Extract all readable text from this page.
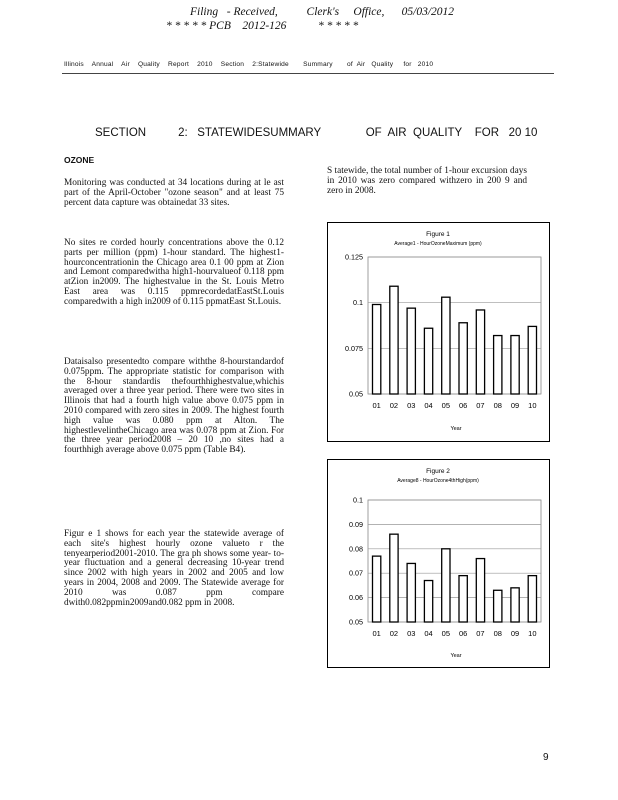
Filing   - Received,          Clerk's     Office,      05/03/2012
* * * * * PCB    2012-126           * * * * *
Illinois    Annual    Air    Quality    Report    2010    Section    2:Statewide       Summary       of  Air   Quality     for   2010
SECTION          2:   STATEWIDESUMMARY              OF  AIR  QUALITY    FOR   20 10
OZONE

Monitoring was conducted at 34 locations during at le ast part of the April-October "ozone season" and at least 75 percent data capture was obtainedat 33 sites.

No sites re corded hourly concentrations above the 0.12 parts per million (ppm) 1-hour standard. The highest1-hourconcentrationin the Chicago area 0.1 00 ppm at Zion and Lemont comparedwitha high1-hourvalueof 0.118 ppm atZion in2009. The highestvalue in the St. Louis Metro East area was 0.115 ppmrecordedatEastSt.Louis comparedwith a high in2009 of 0.115 ppmatEast St.Louis.

Dataisalso presentedto compare withthe 8-hourstandardof 0.075ppm. The appropriate statistic for comparison with the 8-hour standardis thefourthhighestvalue,whichis averaged over a three year period. There were two sites in Illinois that had a fourth high value above 0.075 ppm in 2010 compared with zero sites in 2009. The highest fourth high value was 0.080 ppm at Alton. The highestlevelintheChicago area was 0.078 ppm at Zion. For the three year period2008 – 20 10 ,no sites had a fourthhigh average above 0.075 ppm (Table B4).

Figur e 1 shows for each year the statewide average of each site's highest hourly ozone valueto r the tenyearperiod2001-2010. The gra ph shows some year- to-year fluctuation and a general decreasing 10-year trend since 2002 with high years in 2002 and 2005 and low years in 2004, 2008 and 2009. The Statewide average for 2010 was 0.087 ppm compare dwith0.082ppmin2009and0.082 ppm in 2008.

S tatewide, the total number of 1-hour excursion days in 2010 was zero compared withzero in 200 9 and zero in 2008.

Figure 1
Average1 - HourOzoneMaximum (ppm)
Year
0.05
0.075
0.1
0.125
01 02 03 04 05 06 07 08 09 10
Figure 2
Average8 - HourOzone4thHigh(ppm)
Year
0.05
0.06
0.07
0.08
0.09
0.1
01 02 03 04 05 06 07 08 09 10
9
